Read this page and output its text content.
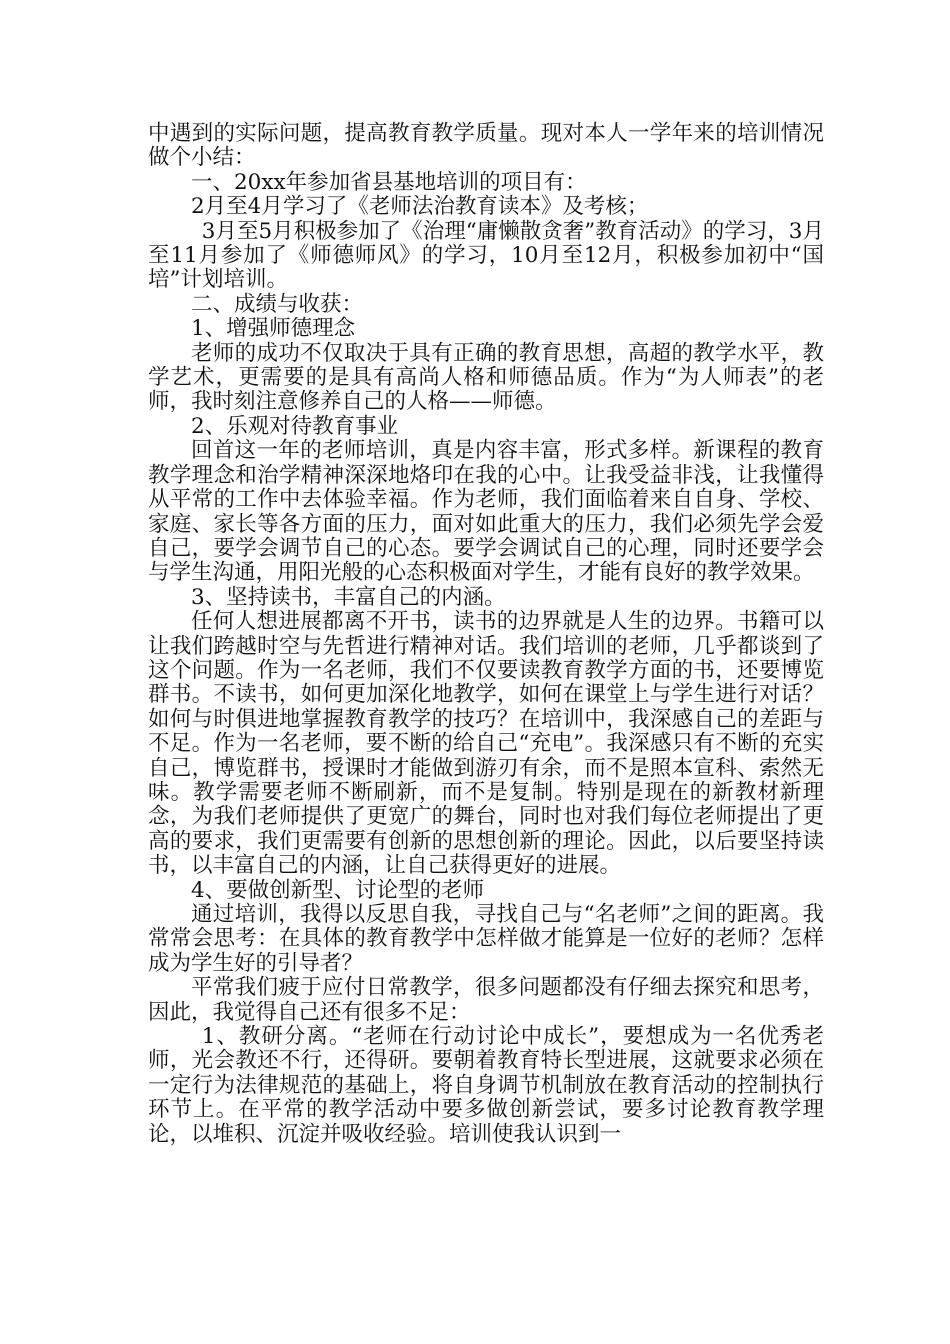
中遇到的实际问题，提高教育教学质量。现对本人一学年来的培训情况做个小结：

一、20xx年参加省县基地培训的项目有：

2月至4月学习了《老师法治教育读本》及考核；

3月至5月积极参加了《治理“庸懒散贪奢”教育活动》的学习，3月至11月参加了《师德师风》的学习，10月至12月，积极参加初中“国培”计划培训。

二、成绩与收获：

1、增强师德理念

老师的成功不仅取决于具有正确的教育思想，高超的教学水平，教学艺术，更需要的是具有高尚人格和师德品质。作为“为人师表”的老师，我时刻注意修养自己的人格——师德。

2、乐观对待教育事业

回首这一年的老师培训，真是内容丰富，形式多样。新课程的教育教学理念和治学精神深深地烙印在我的心中。让我受益非浅，让我懂得从平常的工作中去体验幸福。作为老师，我们面临着来自自身、学校、家庭、家长等各方面的压力，面对如此重大的压力，我们必须先学会爱自己，要学会调节自己的心态。要学会调试自己的心理，同时还要学会与学生沟通，用阳光般的心态积极面对学生，才能有良好的教学效果。

3、坚持读书，丰富自己的内涵。

任何人想进展都离不开书，读书的边界就是人生的边界。书籍可以让我们跨越时空与先哲进行精神对话。我们培训的老师，几乎都谈到了这个问题。作为一名老师，我们不仅要读教育教学方面的书，还要博览群书。不读书，如何更加深化地教学，如何在课堂上与学生进行对话？如何与时俱进地掌握教育教学的技巧？在培训中，我深感自己的差距与不足。作为一名老师，要不断的给自己“充电”。我深感只有不断的充实自己，博览群书，授课时才能做到游刃有余，而不是照本宣科、索然无味。教学需要老师不断刷新，而不是复制。特别是现在的新教材新理念，为我们老师提供了更宽广的舞台，同时也对我们每位老师提出了更高的要求，我们更需要有创新的思想创新的理论。因此，以后要坚持读书，以丰富自己的内涵，让自己获得更好的进展。

4、要做创新型、讨论型的老师

通过培训，我得以反思自我，寻找自己与“名老师”之间的距离。我常常会思考：在具体的教育教学中怎样做才能算是一位好的老师？怎样成为学生好的引导者？

平常我们疲于应付日常教学，很多问题都没有仔细去探究和思考，因此，我觉得自己还有很多不足：

1、教研分离。“老师在行动讨论中成长”，要想成为一名优秀老师，光会教还不行，还得研。要朝着教育特长型进展，这就要求必须在一定行为法律规范的基础上，将自身调节机制放在教育活动的控制执行环节上。在平常的教学活动中要多做创新尝试，要多讨论教育教学理论，以堆积、沉淀并吸收经验。培训使我认识到一
